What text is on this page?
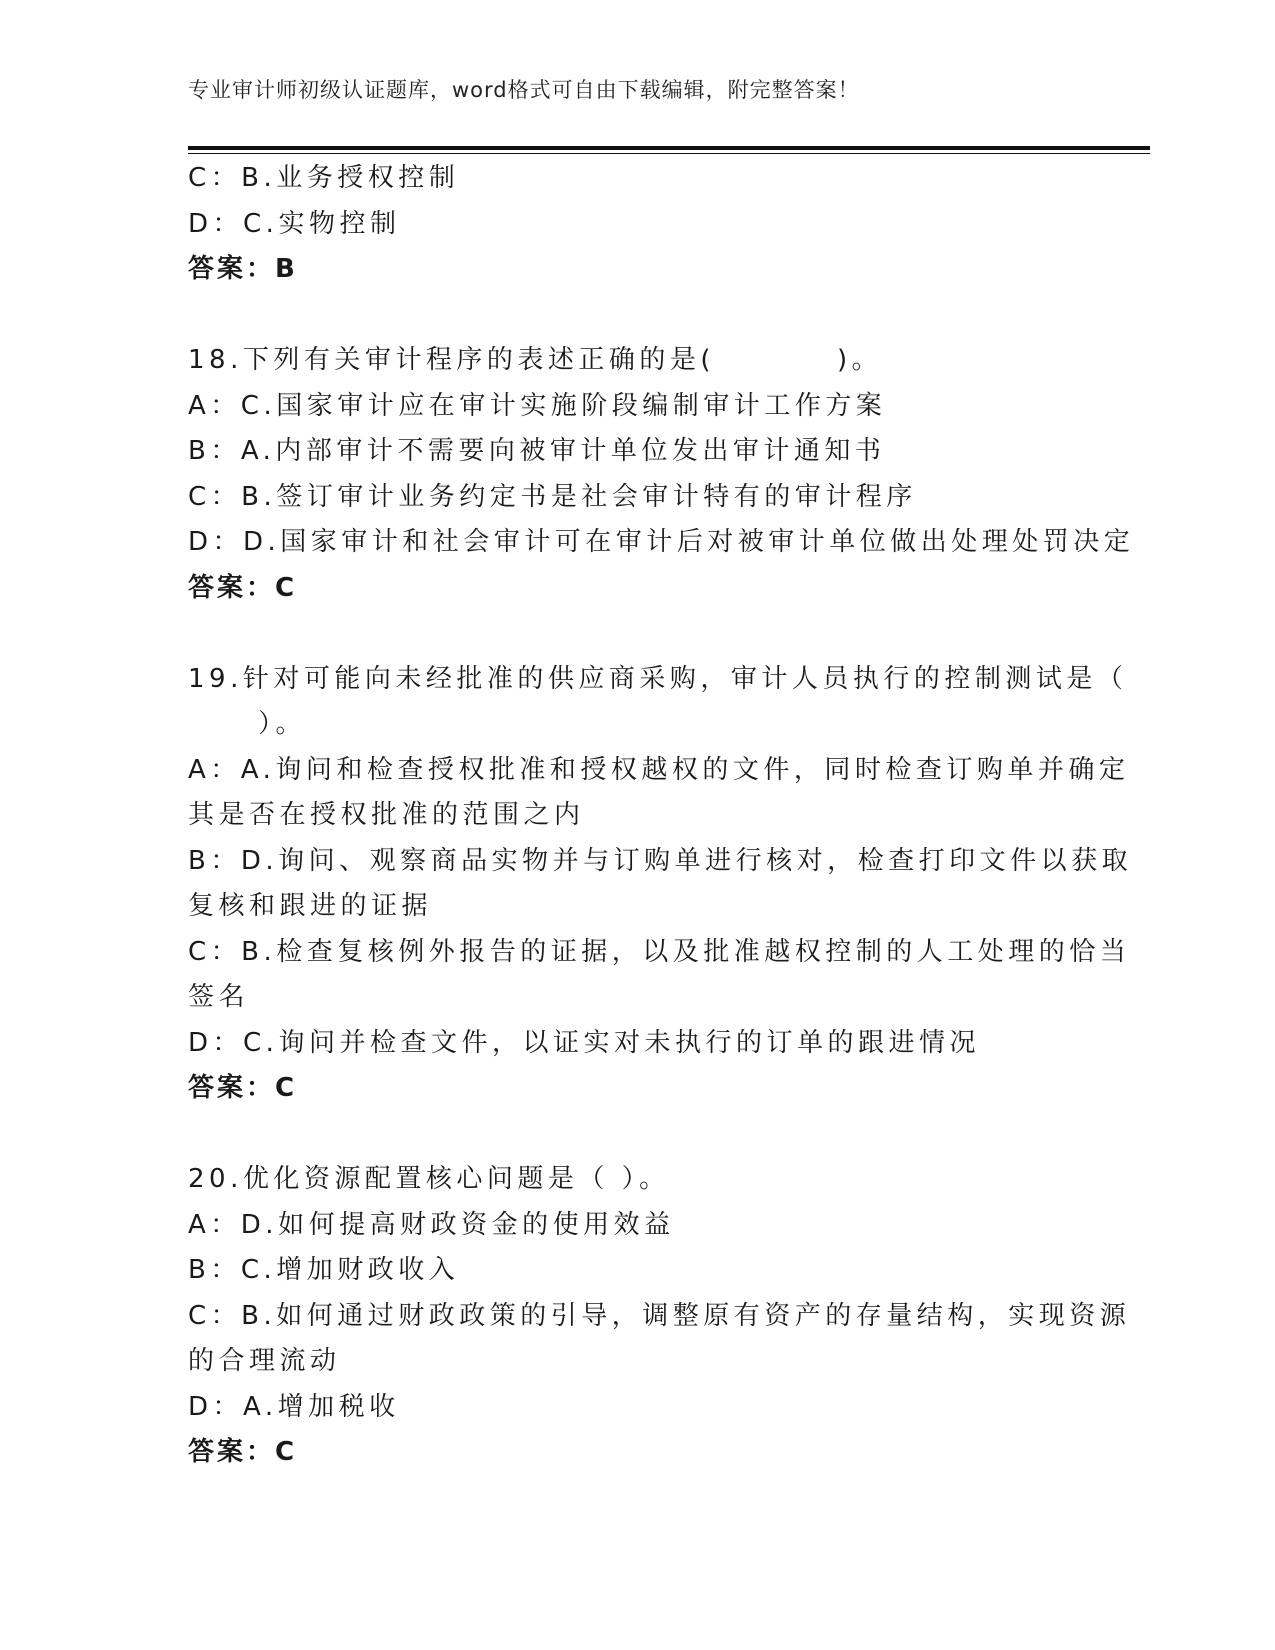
专业审计师初级认证题库，word格式可自由下载编辑，附完整答案！
C：B.业务授权控制
D：C.实物控制
答案：B
18.下列有关审计程序的表述正确的是(　　　　)。
A：C.国家审计应在审计实施阶段编制审计工作方案
B：A.内部审计不需要向被审计单位发出审计通知书
C：B.签订审计业务约定书是社会审计特有的审计程序
D：D.国家审计和社会审计可在审计后对被审计单位做出处理处罚决定
答案：C
19.针对可能向未经批准的供应商采购，审计人员执行的控制测试是（
）。
A：A.询问和检查授权批准和授权越权的文件，同时检查订购单并确定
其是否在授权批准的范围之内
B：D.询问、观察商品实物并与订购单进行核对，检查打印文件以获取
复核和跟进的证据
C：B.检查复核例外报告的证据，以及批准越权控制的人工处理的恰当
签名
D：C.询问并检查文件，以证实对未执行的订单的跟进情况
答案：C
20.优化资源配置核心问题是（ ）。
A：D.如何提高财政资金的使用效益
B：C.增加财政收入
C：B.如何通过财政政策的引导，调整原有资产的存量结构，实现资源
的合理流动
D：A.增加税收
答案：C
